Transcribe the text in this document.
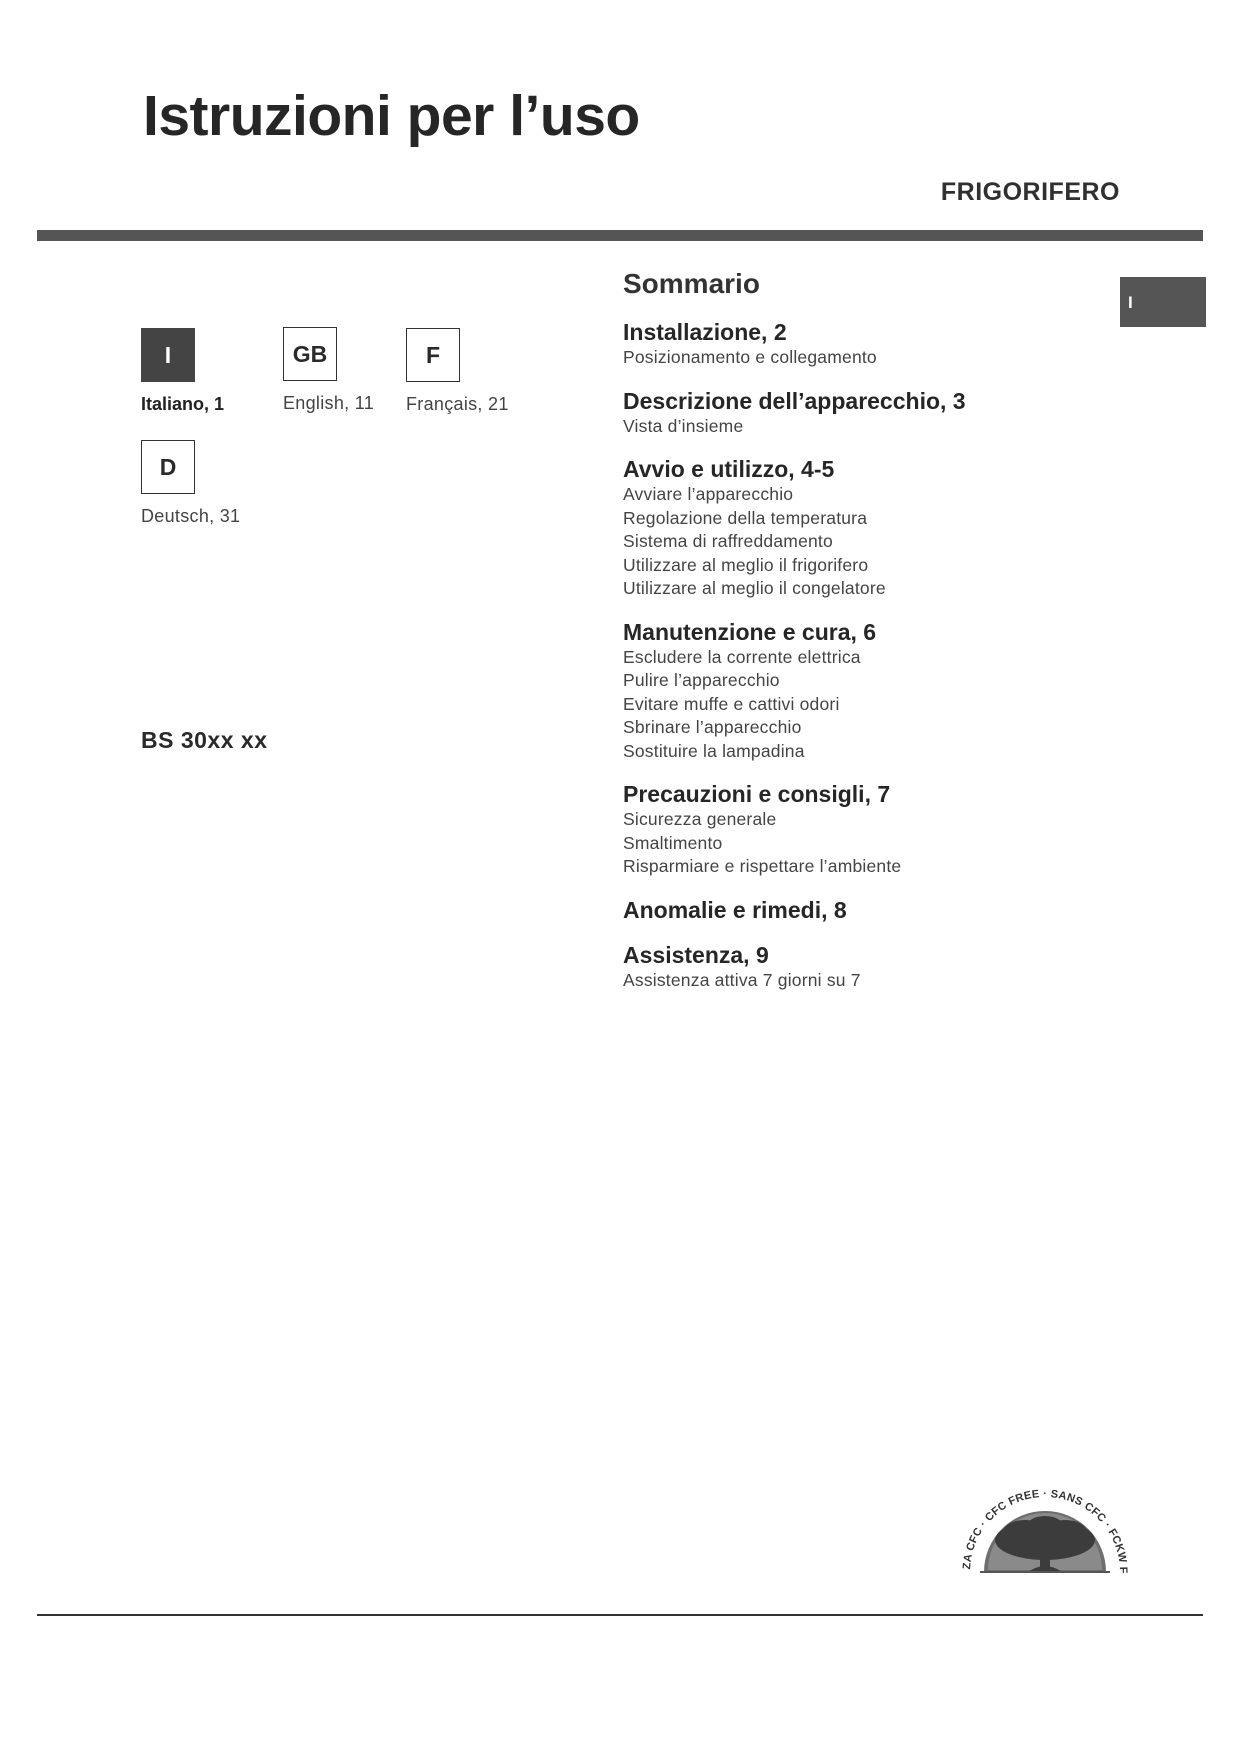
Istruzioni per l’uso
FRIGORIFERO
I
Italiano, 1
GB
English, 11
F
Français, 21
D
Deutsch, 31
BS 30xx xx
Sommario
Installazione, 2
Posizionamento e collegamento
Descrizione dell’apparecchio, 3
Vista d’insieme
Avvio e utilizzo, 4-5
Avviare l’apparecchio
Regolazione della temperatura
Sistema di raffreddamento
Utilizzare al meglio il frigorifero
Utilizzare al meglio il congelatore
Manutenzione e cura, 6
Escludere la corrente elettrica
Pulire l’apparecchio
Evitare muffe e cattivi odori
Sbrinare l’apparecchio
Sostituire la lampadina
Precauzioni e consigli, 7
Sicurezza generale
Smaltimento
Risparmiare e rispettare l’ambiente
Anomalie e rimedi, 8
Assistenza, 9
Assistenza attiva 7 giorni su 7
I
ZA CFC · CFC FREE · SANS CFC · FCKW F
